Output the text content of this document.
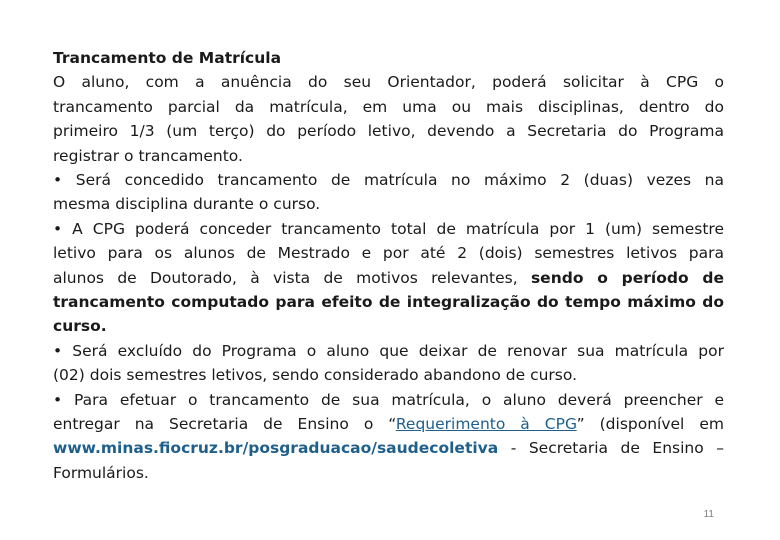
Trancamento de Matrícula
O aluno, com a anuência do seu Orientador, poderá solicitar à CPG o
trancamento parcial da matrícula, em uma ou mais disciplinas, dentro do
primeiro 1/3 (um terço) do período letivo, devendo a Secretaria do Programa
registrar o trancamento.
• Será concedido trancamento de matrícula no máximo 2 (duas) vezes na
mesma disciplina durante o curso.
• A CPG poderá conceder trancamento total de matrícula por 1 (um) semestre
letivo para os alunos de Mestrado e por até 2 (dois) semestres letivos para
alunos de Doutorado, à vista de motivos relevantes, sendo o período de
trancamento computado para efeito de integralização do tempo máximo do
curso.
• Será excluído do Programa o aluno que deixar de renovar sua matrícula por
(02) dois semestres letivos, sendo considerado abandono de curso.
• Para efetuar o trancamento de sua matrícula, o aluno deverá preencher e
entregar na Secretaria de Ensino o “Requerimento à CPG” (disponível em
www.minas.fiocruz.br/posgraduacao/saudecoletiva - Secretaria de Ensino –
Formulários.
11
